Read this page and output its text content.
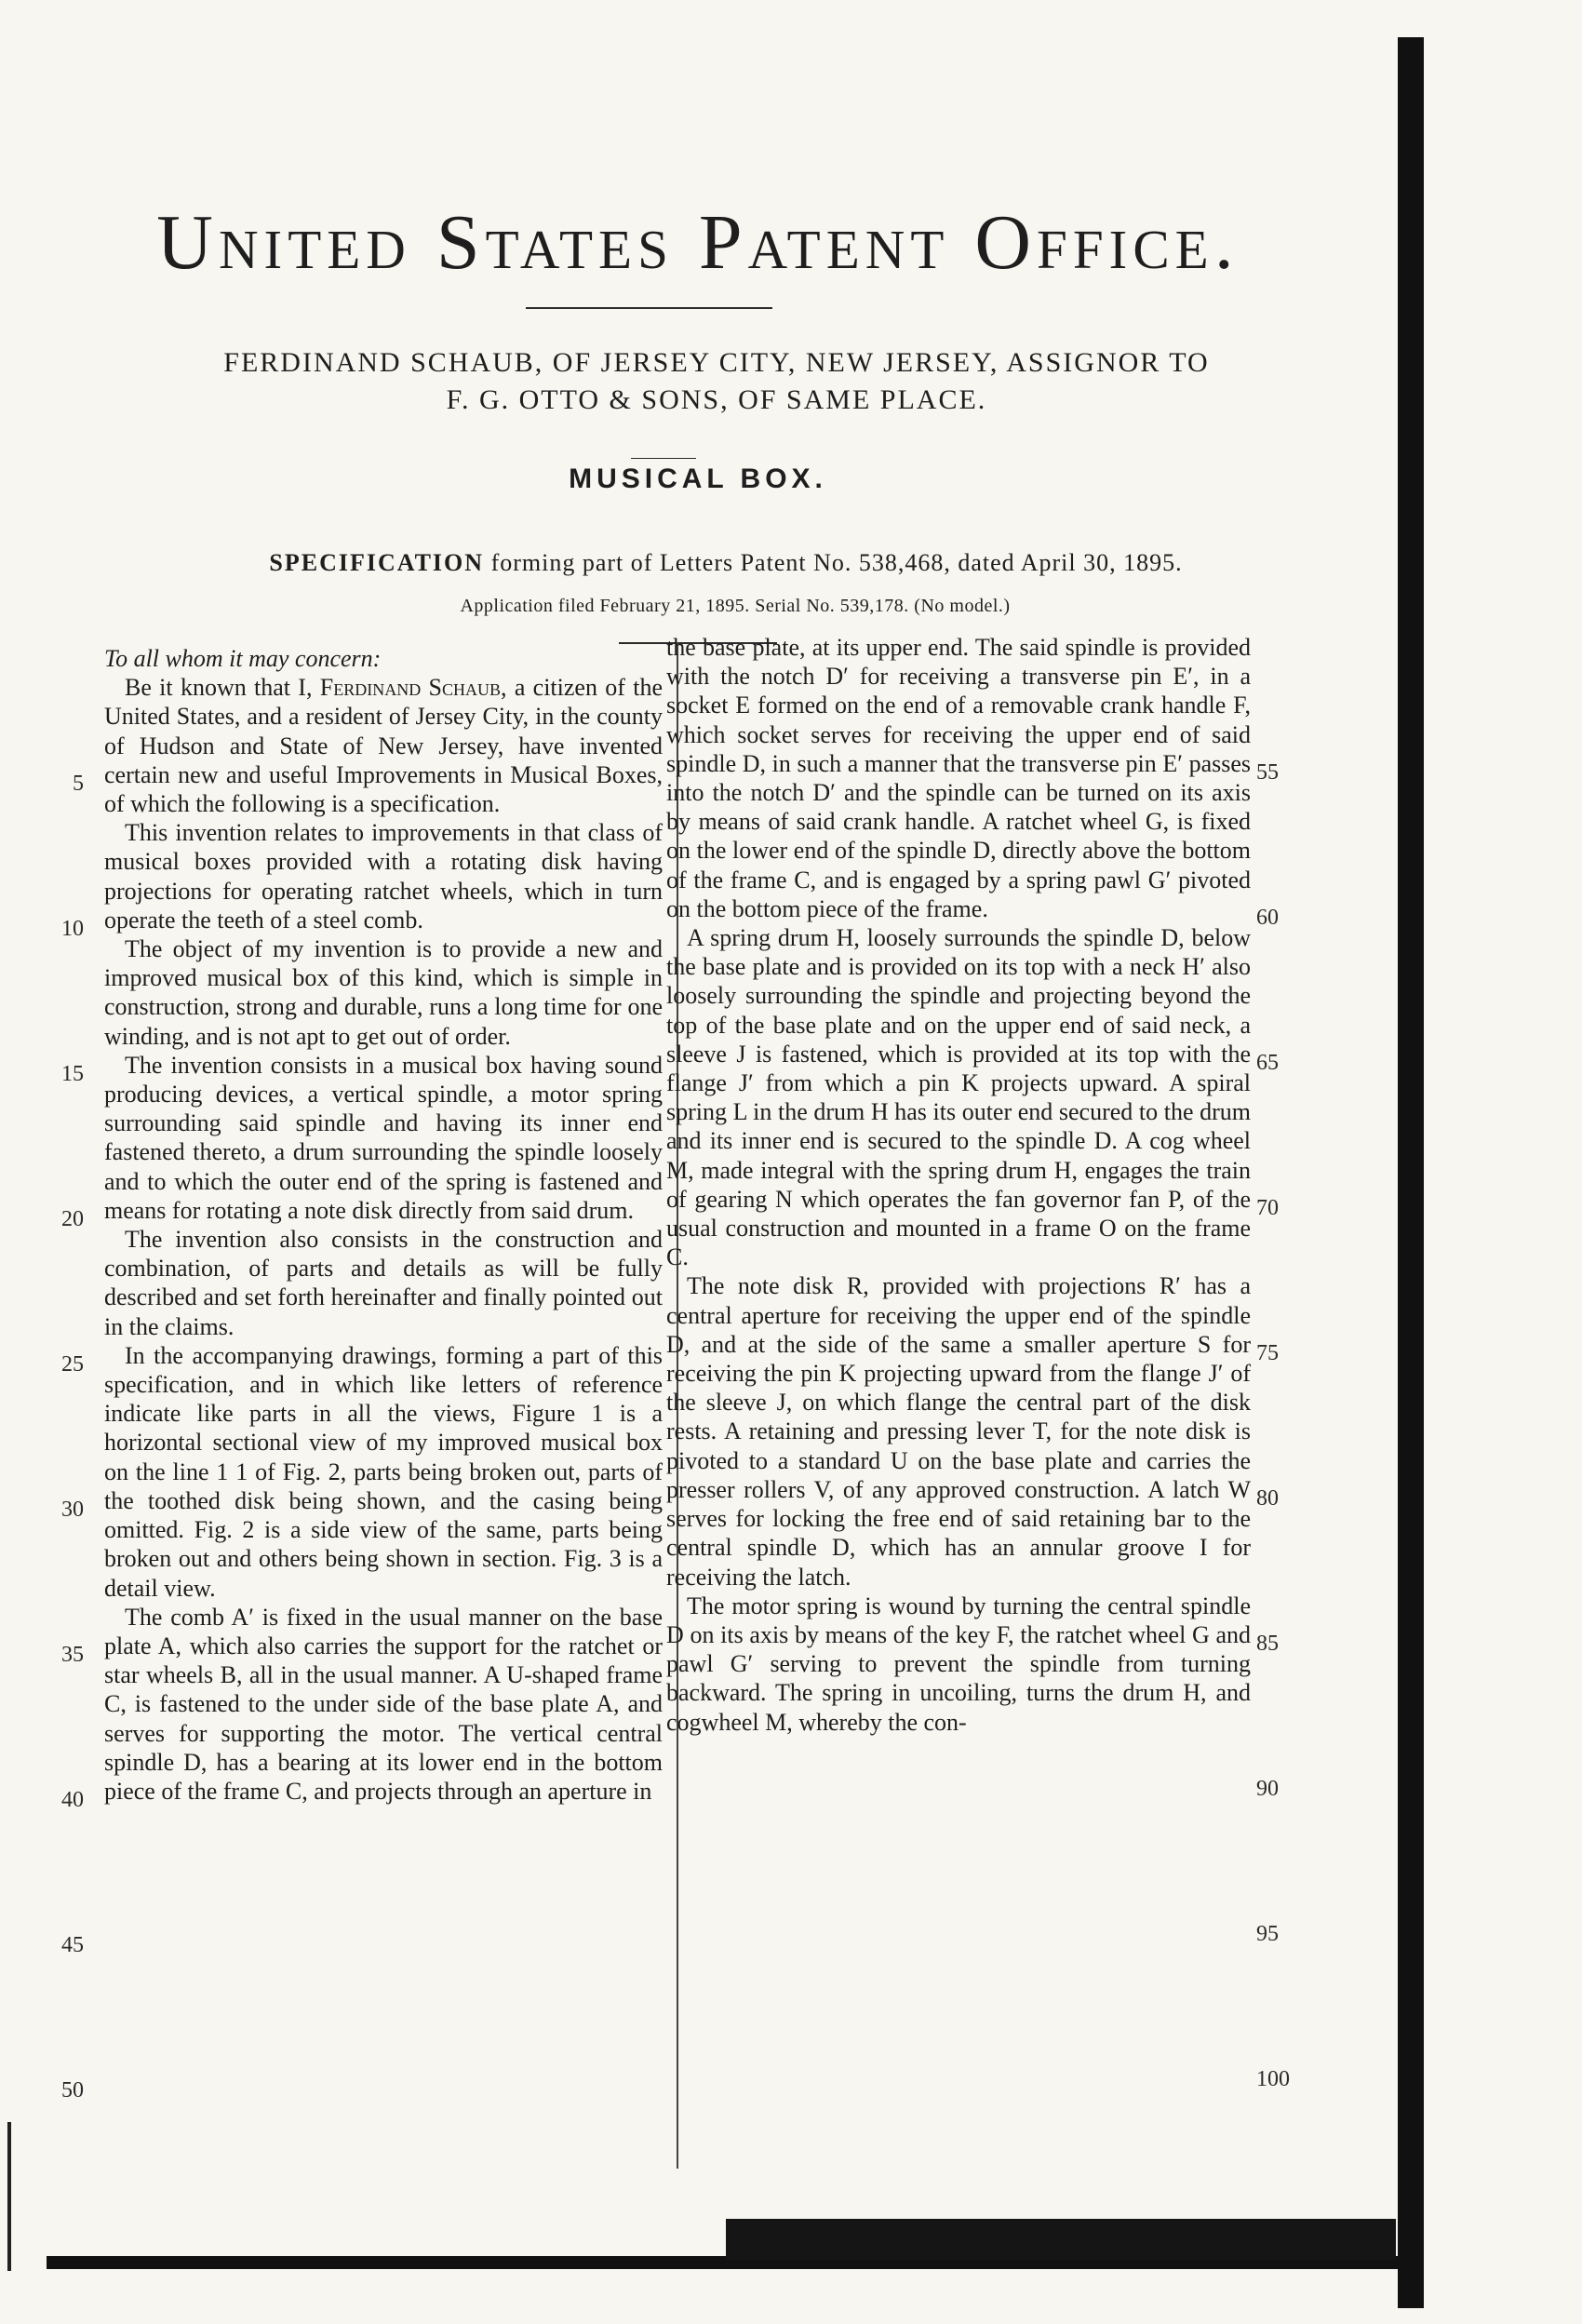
United States Patent Office.
FERDINAND SCHAUB, OF JERSEY CITY, NEW JERSEY, ASSIGNOR TO
F. G. OTTO & SONS, OF SAME PLACE.
MUSICAL BOX.
SPECIFICATION forming part of Letters Patent No. 538,468, dated April 30, 1895.
Application filed February 21, 1895. Serial No. 539,178. (No model.)

To all whom it may concern:

Be it known that I, Ferdinand Schaub, a citizen of the United States, and a resident of Jersey City, in the county of Hudson and State of New Jersey, have invented certain new and useful Improvements in Musical Boxes, of which the following is a specification.

This invention relates to improvements in that class of musical boxes provided with a rotating disk having projections for operating ratchet wheels, which in turn operate the teeth of a steel comb.

The object of my invention is to provide a new and improved musical box of this kind, which is simple in construction, strong and durable, runs a long time for one winding, and is not apt to get out of order.

The invention consists in a musical box having sound producing devices, a vertical spindle, a motor spring surrounding said spindle and having its inner end fastened thereto, a drum surrounding the spindle loosely and to which the outer end of the spring is fastened and means for rotating a note disk directly from said drum.

The invention also consists in the construction and combination, of parts and details as will be fully described and set forth hereinafter and finally pointed out in the claims.

In the accompanying drawings, forming a part of this specification, and in which like letters of reference indicate like parts in all the views, Figure 1 is a horizontal sectional view of my improved musical box on the line 1 1 of Fig. 2, parts being broken out, parts of the toothed disk being shown, and the casing being omitted. Fig. 2 is a side view of the same, parts being broken out and others being shown in section. Fig. 3 is a detail view.

The comb A′ is fixed in the usual manner on the base plate A, which also carries the support for the ratchet or star wheels B, all in the usual manner. A U-shaped frame C, is fastened to the under side of the base plate A, and serves for supporting the motor. The vertical central spindle D, has a bearing at its lower end in the bottom piece of the frame C, and projects through an aperture in

the base plate, at its upper end. The said spindle is provided with the notch D′ for receiving a transverse pin E′, in a socket E formed on the end of a removable crank handle F, which socket serves for receiving the upper end of said spindle D, in such a manner that the transverse pin E′ passes into the notch D′ and the spindle can be turned on its axis by means of said crank handle. A ratchet wheel G, is fixed on the lower end of the spindle D, directly above the bottom of the frame C, and is engaged by a spring pawl G′ pivoted on the bottom piece of the frame.

A spring drum H, loosely surrounds the spindle D, below the base plate and is provided on its top with a neck H′ also loosely surrounding the spindle and projecting beyond the top of the base plate and on the upper end of said neck, a sleeve J is fastened, which is provided at its top with the flange J′ from which a pin K projects upward. A spiral spring L in the drum H has its outer end secured to the drum and its inner end is secured to the spindle D. A cog wheel M, made integral with the spring drum H, engages the train of gearing N which operates the fan governor fan P, of the usual construction and mounted in a frame O on the frame C.

The note disk R, provided with projections R′ has a central aperture for receiving the upper end of the spindle D, and at the side of the same a smaller aperture S for receiving the pin K projecting upward from the flange J′ of the sleeve J, on which flange the central part of the disk rests. A retaining and pressing lever T, for the note disk is pivoted to a standard U on the base plate and carries the presser rollers V, of any approved construction. A latch W serves for locking the free end of said retaining bar to the central spindle D, which has an annular groove I for receiving the latch.

The motor spring is wound by turning the central spindle D on its axis by means of the key F, the ratchet wheel G and pawl G′ serving to prevent the spindle from turning backward. The spring in uncoiling, turns the drum H, and cogwheel M, whereby the con-

5
10
15
20
25
30
35
40
45
50
55
60
65
70
75
80
85
90
95
100
